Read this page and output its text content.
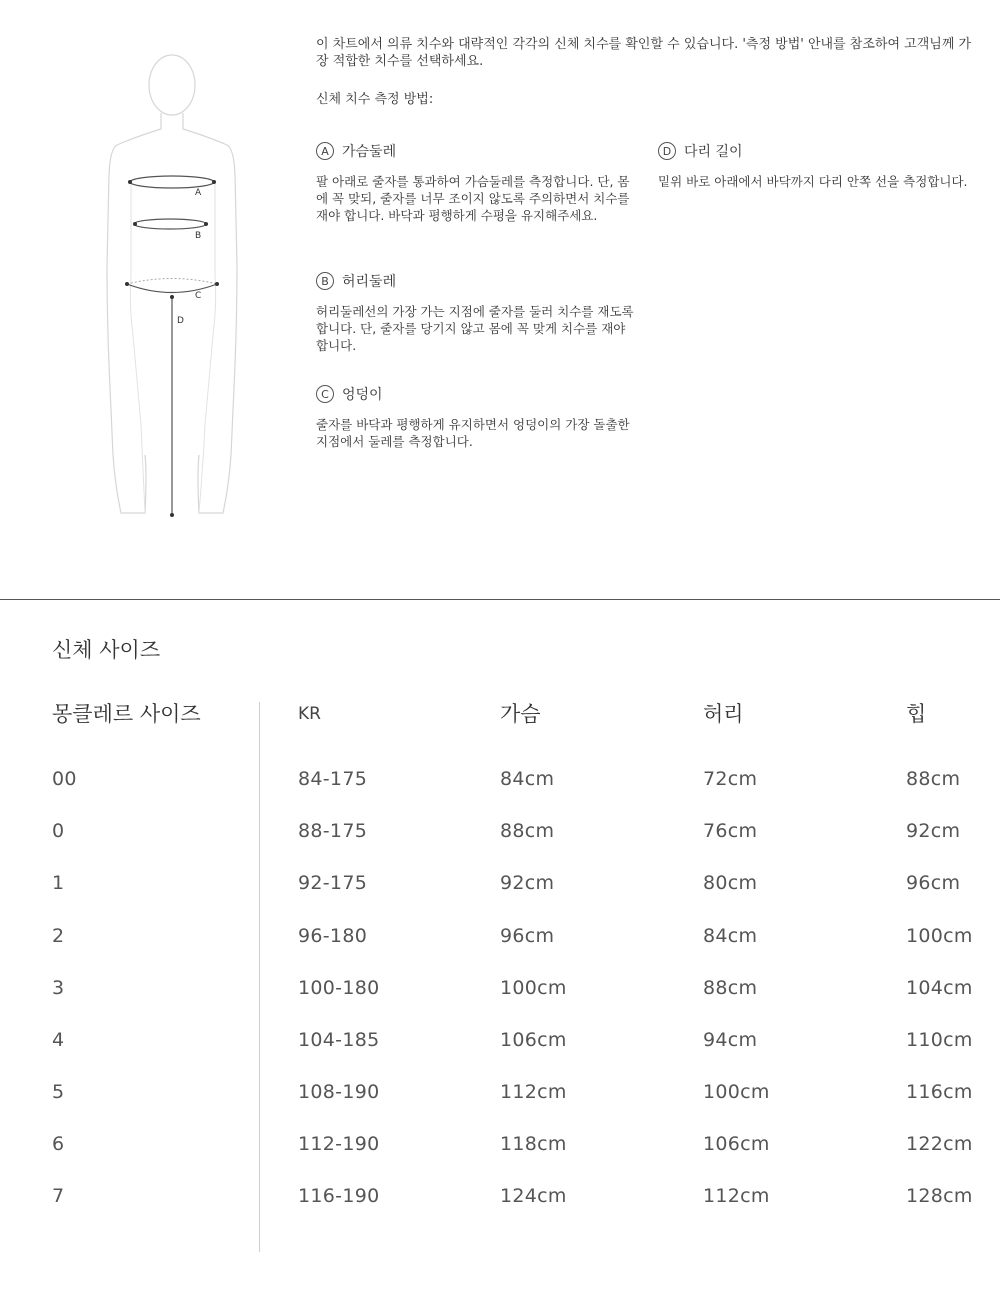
A
B
C
D
이 차트에서 의류 치수와 대략적인 각각의 신체 치수를 확인할 수 있습니다. '측정 방법' 안내를 참조하여 고객님께 가장 적합한 치수를 선택하세요.
신체 치수 측정 방법:
A 가슴둘레
팔 아래로 줄자를 통과하여 가슴둘레를 측정합니다. 단, 몸에 꼭 맞되, 줄자를 너무 조이지 않도록 주의하면서 치수를 재야 합니다. 바닥과 평행하게 수평을 유지해주세요.
B 허리둘레
허리둘레선의 가장 가는 지점에 줄자를 둘러 치수를 재도록 합니다. 단, 줄자를 당기지 않고 몸에 꼭 맞게 치수를 재야 합니다.
C 엉덩이
줄자를 바닥과 평행하게 유지하면서 엉덩이의 가장 돌출한 지점에서 둘레를 측정합니다.
D 다리 길이
밑위 바로 아래에서 바닥까지 다리 안쪽 선을 측정합니다.
신체 사이즈
몽클레르 사이즈	KR	가슴	허리	힙
00	84-175	84cm	72cm	88cm
0	88-175	88cm	76cm	92cm
1	92-175	92cm	80cm	96cm
2	96-180	96cm	84cm	100cm
3	100-180	100cm	88cm	104cm
4	104-185	106cm	94cm	110cm
5	108-190	112cm	100cm	116cm
6	112-190	118cm	106cm	122cm
7	116-190	124cm	112cm	128cm
